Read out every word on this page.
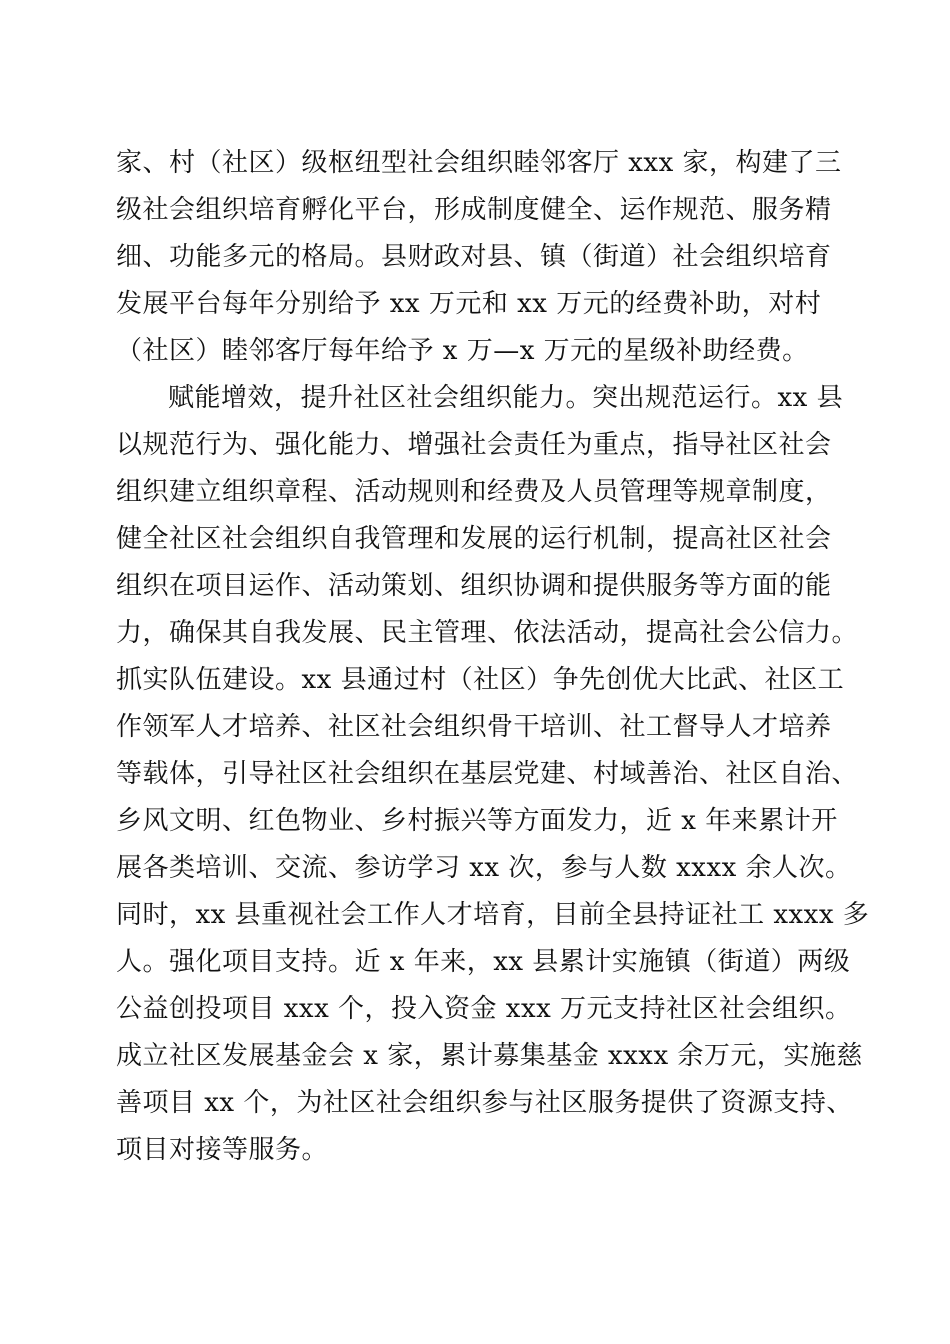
家、村（社区）级枢纽型社会组织睦邻客厅 xxx 家，构建了三
级社会组织培育孵化平台，形成制度健全、运作规范、服务精
细、功能多元的格局。县财政对县、镇（街道）社会组织培育
发展平台每年分别给予 xx 万元和 xx 万元的经费补助，对村
（社区）睦邻客厅每年给予 x 万—x 万元的星级补助经费。
赋能增效，提升社区社会组织能力。突出规范运行。xx 县
以规范行为、强化能力、增强社会责任为重点，指导社区社会
组织建立组织章程、活动规则和经费及人员管理等规章制度，
健全社区社会组织自我管理和发展的运行机制，提高社区社会
组织在项目运作、活动策划、组织协调和提供服务等方面的能
力，确保其自我发展、民主管理、依法活动，提高社会公信力。
抓实队伍建设。xx 县通过村（社区）争先创优大比武、社区工
作领军人才培养、社区社会组织骨干培训、社工督导人才培养
等载体，引导社区社会组织在基层党建、村域善治、社区自治、
乡风文明、红色物业、乡村振兴等方面发力，近 x 年来累计开
展各类培训、交流、参访学习 xx 次，参与人数 xxxx 余人次。
同时，xx 县重视社会工作人才培育，目前全县持证社工 xxxx 多
人。强化项目支持。近 x 年来，xx 县累计实施镇（街道）两级
公益创投项目 xxx 个，投入资金 xxx 万元支持社区社会组织。
成立社区发展基金会 x 家，累计募集基金 xxxx 余万元，实施慈
善项目 xx 个，为社区社会组织参与社区服务提供了资源支持、
项目对接等服务。
